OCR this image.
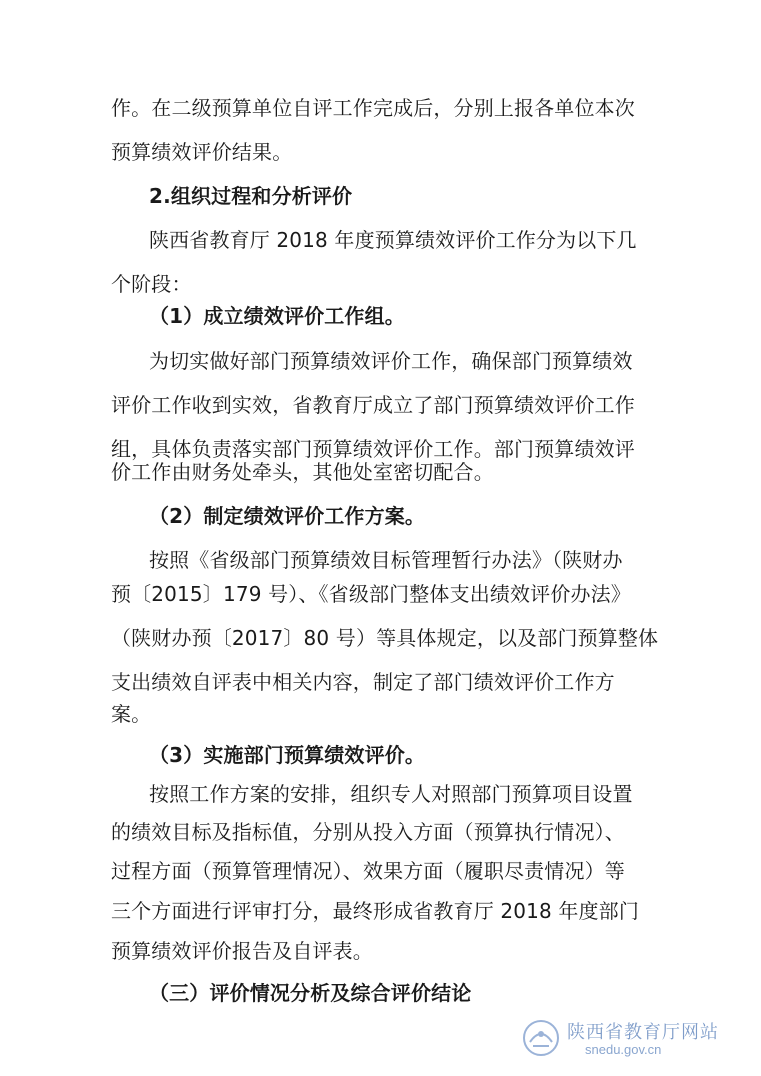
作。在二级预算单位自评工作完成后，分别上报各单位本次
预算绩效评价结果。
2.组织过程和分析评价
陕西省教育厅 2018 年度预算绩效评价工作分为以下几
个阶段：
（1）成立绩效评价工作组。
为切实做好部门预算绩效评价工作，确保部门预算绩效
评价工作收到实效，省教育厅成立了部门预算绩效评价工作
组，具体负责落实部门预算绩效评价工作。部门预算绩效评
价工作由财务处牵头，其他处室密切配合。
（2）制定绩效评价工作方案。
按照《省级部门预算绩效目标管理暂行办法》（陕财办
预〔2015〕179 号）、《省级部门整体支出绩效评价办法》
（陕财办预〔2017〕80 号）等具体规定，以及部门预算整体
支出绩效自评表中相关内容，制定了部门绩效评价工作方
案。
（3）实施部门预算绩效评价。
按照工作方案的安排，组织专人对照部门预算项目设置
的绩效目标及指标值，分别从投入方面（预算执行情况）、
过程方面（预算管理情况）、效果方面（履职尽责情况）等
三个方面进行评审打分，最终形成省教育厅 2018 年度部门
预算绩效评价报告及自评表。
（三）评价情况分析及综合评价结论
陕西省教育厅网站
snedu.gov.cn
